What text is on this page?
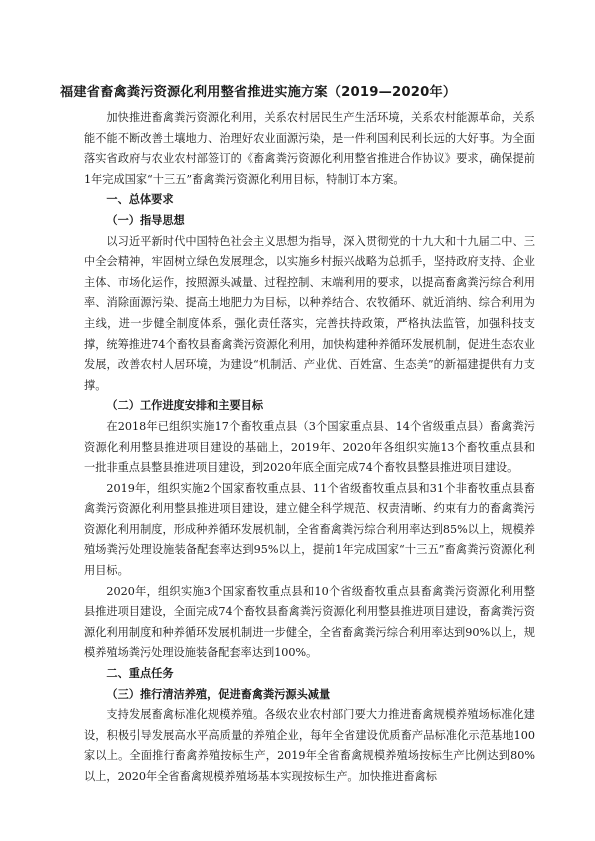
福建省畜禽粪污资源化利用整省推进实施方案（2019—2020年）

加快推进畜禽粪污资源化利用，关系农村居民生产生活环境，关系农村能源革命，关系能不能不断改善土壤地力、治理好农业面源污染，是一件利国利民利长远的大好事。为全面落实省政府与农业农村部签订的《畜禽粪污资源化利用整省推进合作协议》要求，确保提前1年完成国家“十三五”畜禽粪污资源化利用目标，特制订本方案。

一、总体要求
（一）指导思想

以习近平新时代中国特色社会主义思想为指导，深入贯彻党的十九大和十九届二中、三中全会精神，牢固树立绿色发展理念，以实施乡村振兴战略为总抓手，坚持政府支持、企业主体、市场化运作，按照源头减量、过程控制、末端利用的要求，以提高畜禽粪污综合利用率、消除面源污染、提高土地肥力为目标，以种养结合、农牧循环、就近消纳、综合利用为主线，进一步健全制度体系，强化责任落实，完善扶持政策，严格执法监管，加强科技支撑，统筹推进74个畜牧县畜禽粪污资源化利用，加快构建种养循环发展机制，促进生态农业发展，改善农村人居环境，为建设“机制活、产业优、百姓富、生态美”的新福建提供有力支撑。

（二）工作进度安排和主要目标

在2018年已组织实施17个畜牧重点县（3个国家重点县、14个省级重点县）畜禽粪污资源化利用整县推进项目建设的基础上，2019年、2020年各组织实施13个畜牧重点县和一批非重点县整县推进项目建设，到2020年底全面完成74个畜牧县整县推进项目建设。

2019年，组织实施2个国家畜牧重点县、11个省级畜牧重点县和31个非畜牧重点县畜禽粪污资源化利用整县推进项目建设，建立健全科学规范、权责清晰、约束有力的畜禽粪污资源化利用制度，形成种养循环发展机制，全省畜禽粪污综合利用率达到85%以上，规模养殖场粪污处理设施装备配套率达到95%以上，提前1年完成国家“十三五”畜禽粪污资源化利用目标。

2020年，组织实施3个国家畜牧重点县和10个省级畜牧重点县畜禽粪污资源化利用整县推进项目建设，全面完成74个畜牧县畜禽粪污资源化利用整县推进项目建设，畜禽粪污资源化利用制度和种养循环发展机制进一步健全，全省畜禽粪污综合利用率达到90%以上，规模养殖场粪污处理设施装备配套率达到100%。

二、重点任务
（三）推行清洁养殖，促进畜禽粪污源头减量

支持发展畜禽标准化规模养殖。各级农业农村部门要大力推进畜禽规模养殖场标准化建设，积极引导发展高水平高质量的养殖企业，每年全省建设优质畜产品标准化示范基地100家以上。全面推行畜禽养殖按标生产，2019年全省畜禽规模养殖场按标生产比例达到80%以上，2020年全省畜禽规模养殖场基本实现按标生产。加快推进畜禽标
